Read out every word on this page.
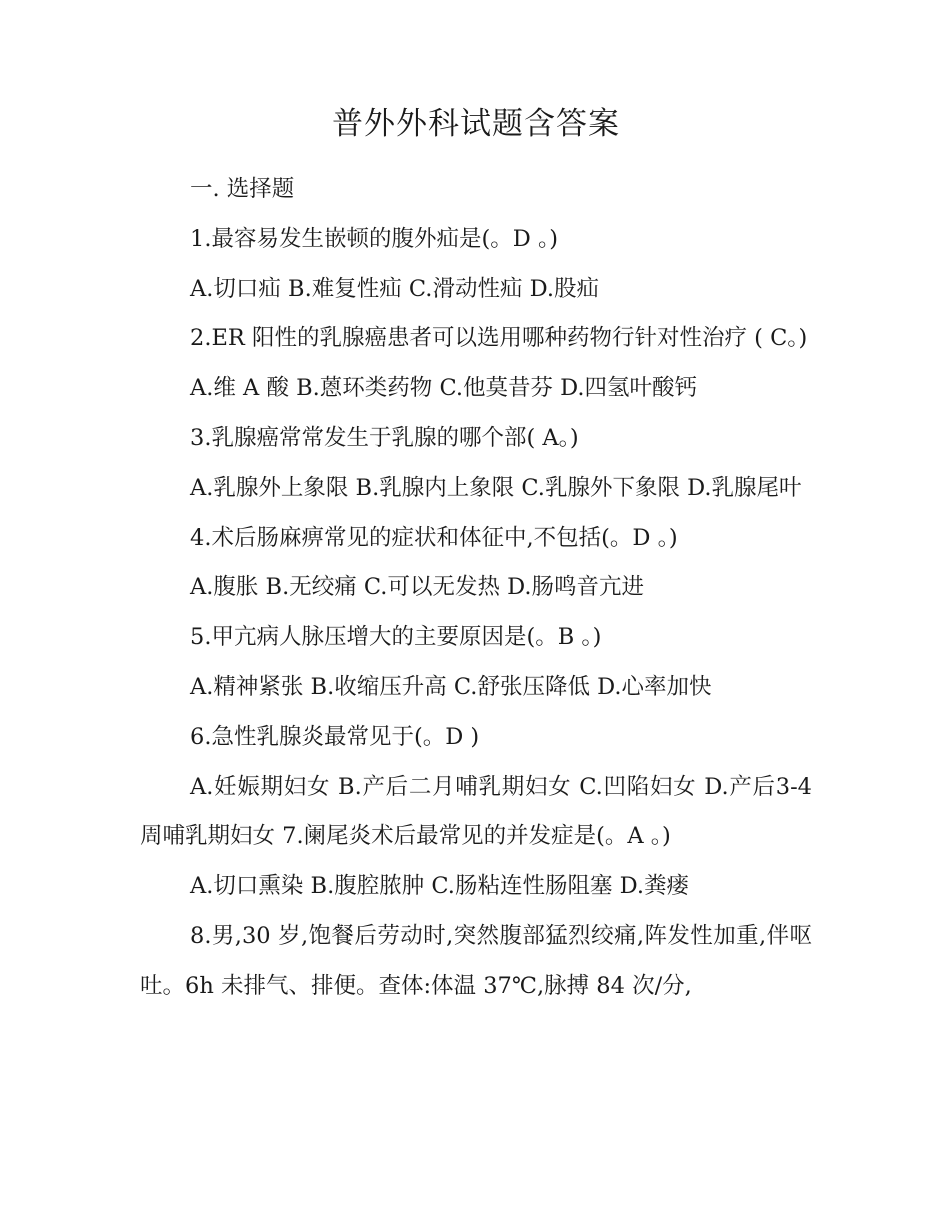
普外外科试题含答案

一. 选择题

1.最容易发生嵌顿的腹外疝是(。D 。)

A.切口疝 B.难复性疝 C.滑动性疝 D.股疝

2.ER 阳性的乳腺癌患者可以选用哪种药物行针对性治疗 ( C。)

A.维 A 酸 B.蒽环类药物 C.他莫昔芬 D.四氢叶酸钙

3.乳腺癌常常发生于乳腺的哪个部( A。)

A.乳腺外上象限 B.乳腺内上象限 C.乳腺外下象限 D.乳腺尾叶

4.术后肠麻痹常见的症状和体征中,不包括(。D 。)

A.腹胀 B.无绞痛 C.可以无发热 D.肠鸣音亢进

5.甲亢病人脉压增大的主要原因是(。B 。)

A.精神紧张 B.收缩压升高 C.舒张压降低 D.心率加快

6.急性乳腺炎最常见于(。D )

A.妊娠期妇女 B.产后二月哺乳期妇女 C.凹陷妇女 D.产后3-4周哺乳期妇女 7.阑尾炎术后最常见的并发症是(。A 。)

A.切口熏染 B.腹腔脓肿 C.肠粘连性肠阻塞 D.粪瘘

8.男,30 岁,饱餐后劳动时,突然腹部猛烈绞痛,阵发性加重,伴呕吐。6h 未排气、排便。查体:体温 37℃,脉搏 84 次/分,
